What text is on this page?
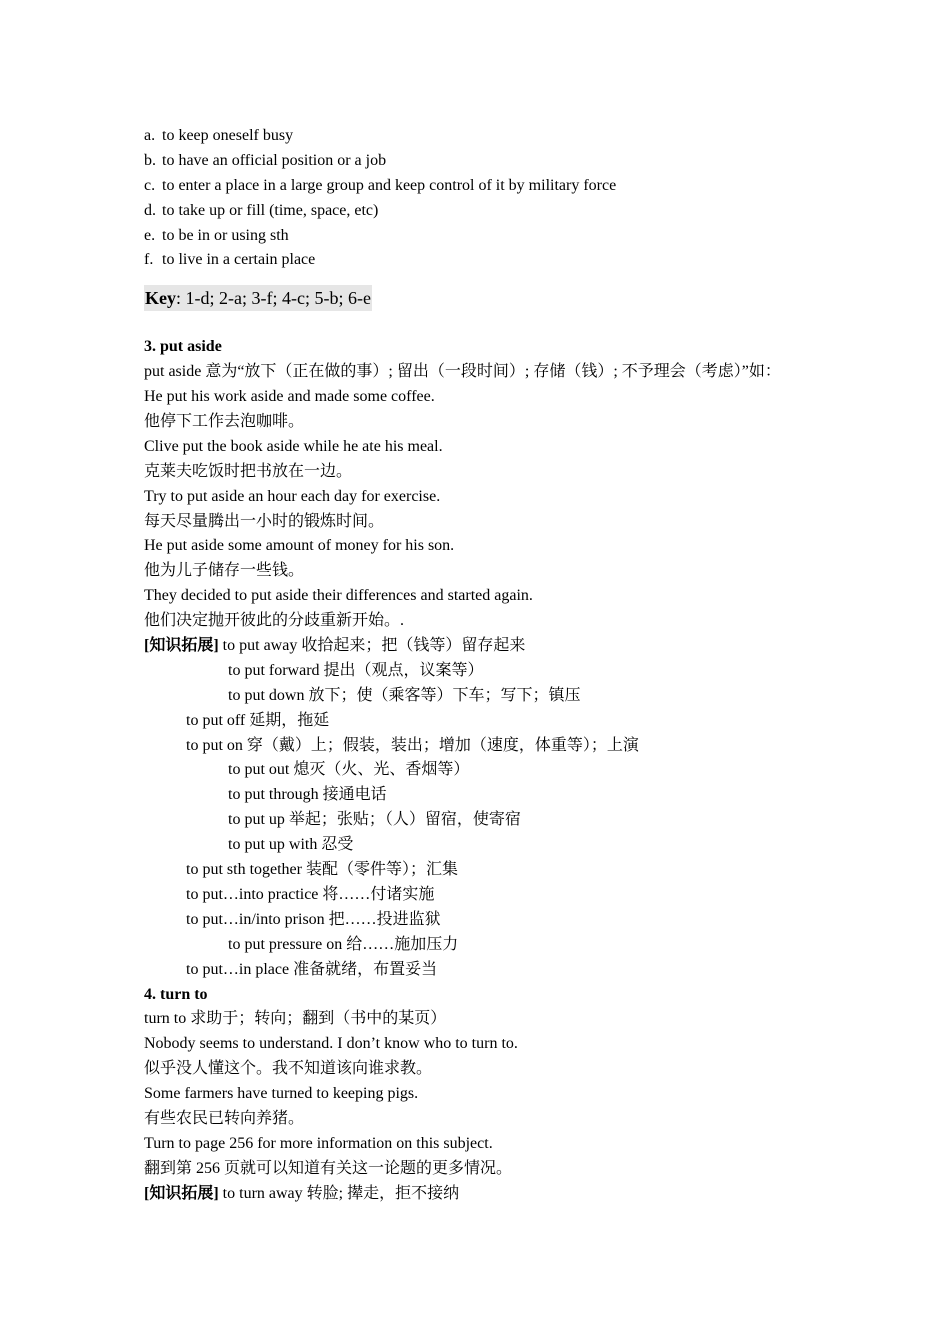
a. to keep oneself busy
b. to have an official position or a job
c. to enter a place in a large group and keep control of it by military force
d. to take up or fill (time, space, etc)
e. to be in or using sth
f. to live in a certain place
Key: 1-d; 2-a; 3-f; 4-c; 5-b; 6-e
3. put aside
put aside 意为“放下（正在做的事）; 留出（一段时间）; 存储（钱）; 不予理会（考虑）”如：
He put his work aside and made some coffee.
他停下工作去泡咖啡。
Clive put the book aside while he ate his meal.
克莱夫吃饭时把书放在一边。
Try to put aside an hour each day for exercise.
每天尽量腾出一小时的锻炼时间。
He put aside some amount of money for his son.
他为儿子储存一些钱。
They decided to put aside their differences and started again.
他们决定抛开彼此的分歧重新开始。.
[知识拓展] to put away 收拾起来；把（钱等）留存起来
to put forward 提出（观点，议案等）
to put down 放下；使（乘客等）下车；写下；镇压
to put off 延期，拖延
to put on 穿（戴）上；假装，装出；增加（速度，体重等）；上演
to put out 熄灭（火、光、香烟等）
to put through 接通电话
to put up 举起；张贴；（人）留宿，使寄宿
to put up with 忍受
to put sth together 装配（零件等）；汇集
to put…into practice 将……付诸实施
to put…in/into prison 把……投进监狱
to put pressure on 给……施加压力
to put…in place 准备就绪，布置妥当
4. turn to
turn to 求助于；转向；翻到（书中的某页）
Nobody seems to understand. I don’t know who to turn to.
似乎没人懂这个。我不知道该向谁求教。
Some farmers have turned to keeping pigs.
有些农民已转向养猪。
Turn to page 256 for more information on this subject.
翻到第 256 页就可以知道有关这一论题的更多情况。
[知识拓展] to turn away 转脸; 撵走，拒不接纳
